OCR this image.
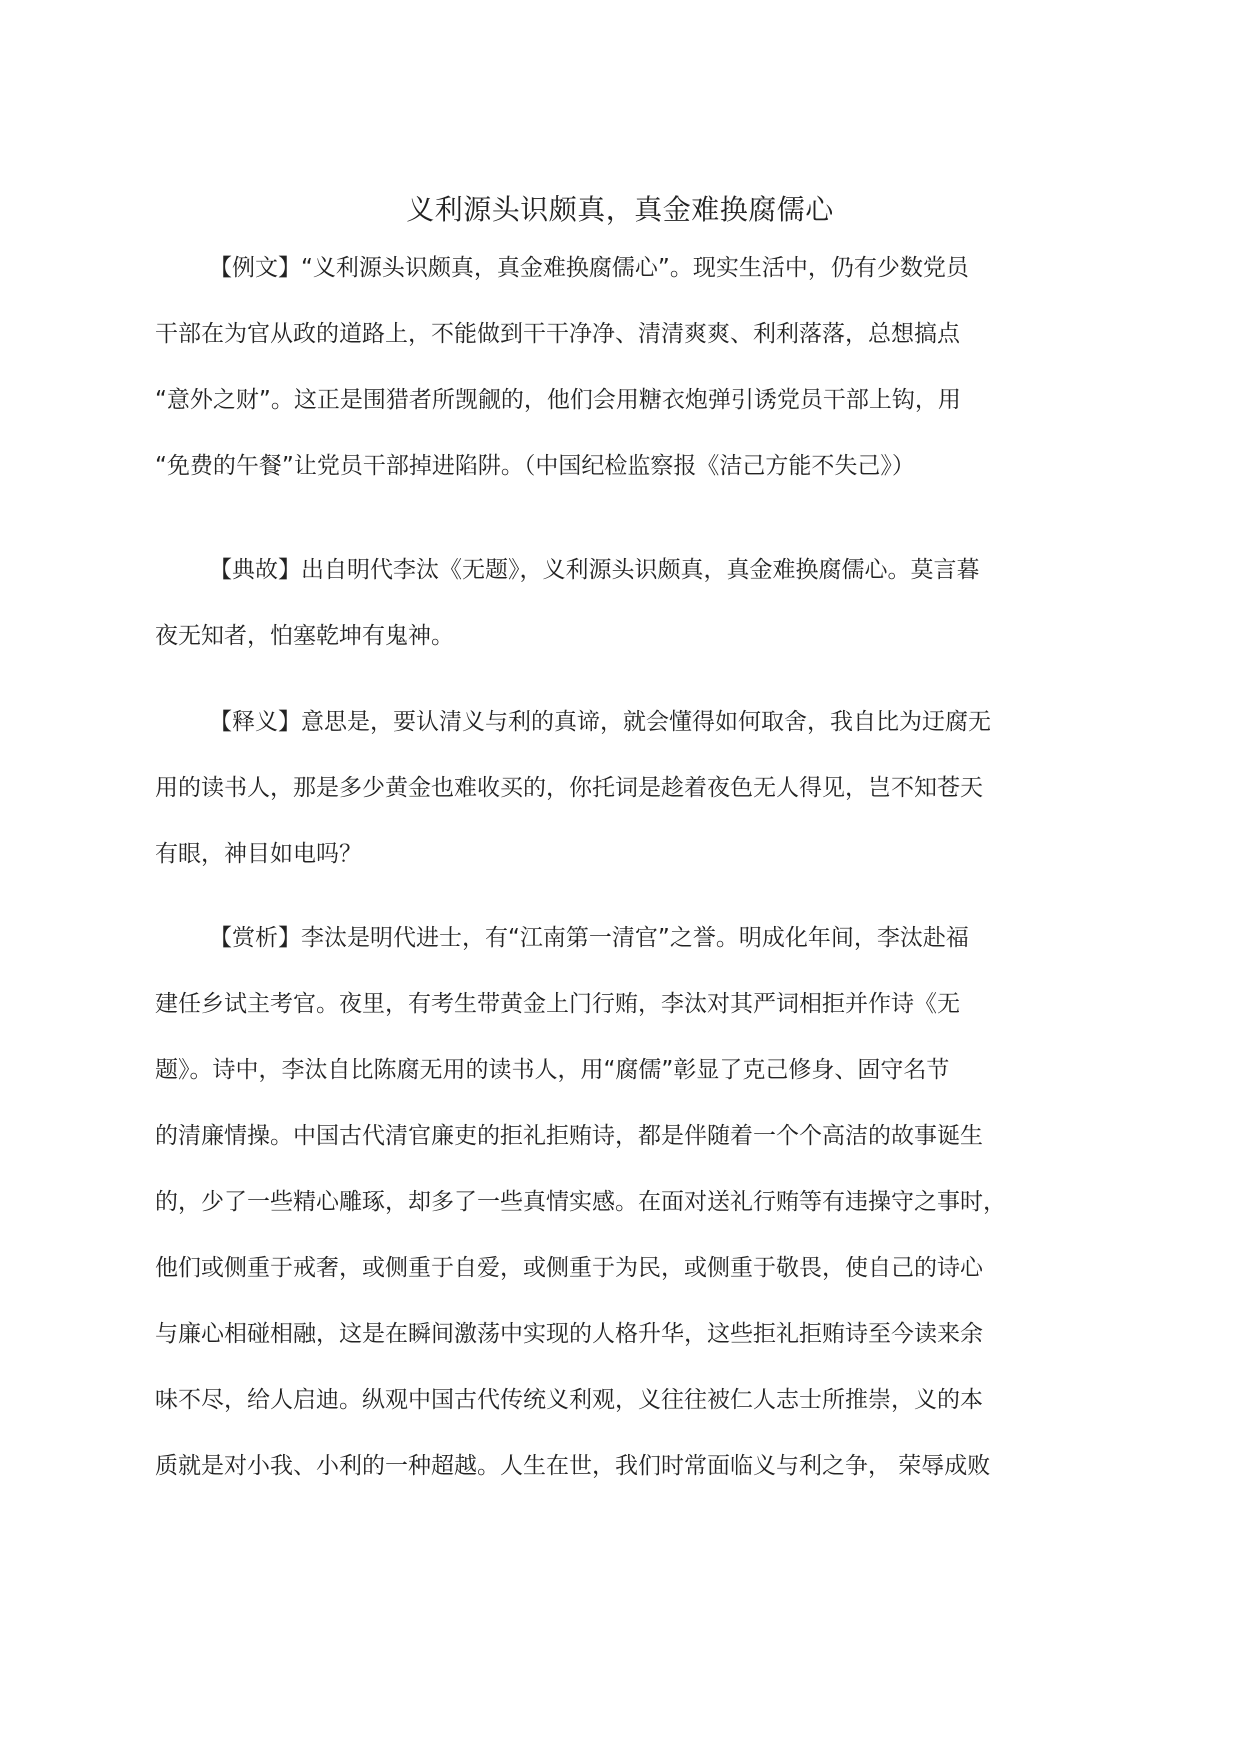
义利源头识颇真，真金难换腐儒心
【例文】“义利源头识颇真，真金难换腐儒心”。现实生活中，仍有少数党员
干部在为官从政的道路上，不能做到干干净净、清清爽爽、利利落落，总想搞点
“意外之财”。这正是围猎者所觊觎的，他们会用糖衣炮弹引诱党员干部上钩，用
“免费的午餐”让党员干部掉进陷阱。（中国纪检监察报《洁己方能不失己》）
【典故】出自明代李汰《无题》，义利源头识颇真，真金难换腐儒心。莫言暮
夜无知者，怕塞乾坤有鬼神。
【释义】意思是，要认清义与利的真谛，就会懂得如何取舍，我自比为迂腐无
用的读书人，那是多少黄金也难收买的，你托词是趁着夜色无人得见，岂不知苍天
有眼，神目如电吗？
【赏析】李汰是明代进士，有“江南第一清官”之誉。明成化年间，李汰赴福
建任乡试主考官。夜里，有考生带黄金上门行贿，李汰对其严词相拒并作诗《无
题》。诗中，李汰自比陈腐无用的读书人，用“腐儒”彰显了克己修身、固守名节
的清廉情操。中国古代清官廉吏的拒礼拒贿诗，都是伴随着一个个高洁的故事诞生
的，少了一些精心雕琢，却多了一些真情实感。在面对送礼行贿等有违操守之事时，
他们或侧重于戒奢，或侧重于自爱，或侧重于为民，或侧重于敬畏，使自己的诗心
与廉心相碰相融，这是在瞬间激荡中实现的人格升华，这些拒礼拒贿诗至今读来余
味不尽，给人启迪。纵观中国古代传统义利观，义往往被仁人志士所推崇，义的本
质就是对小我、小利的一种超越。人生在世，我们时常面临义与利之争， 荣辱成败
